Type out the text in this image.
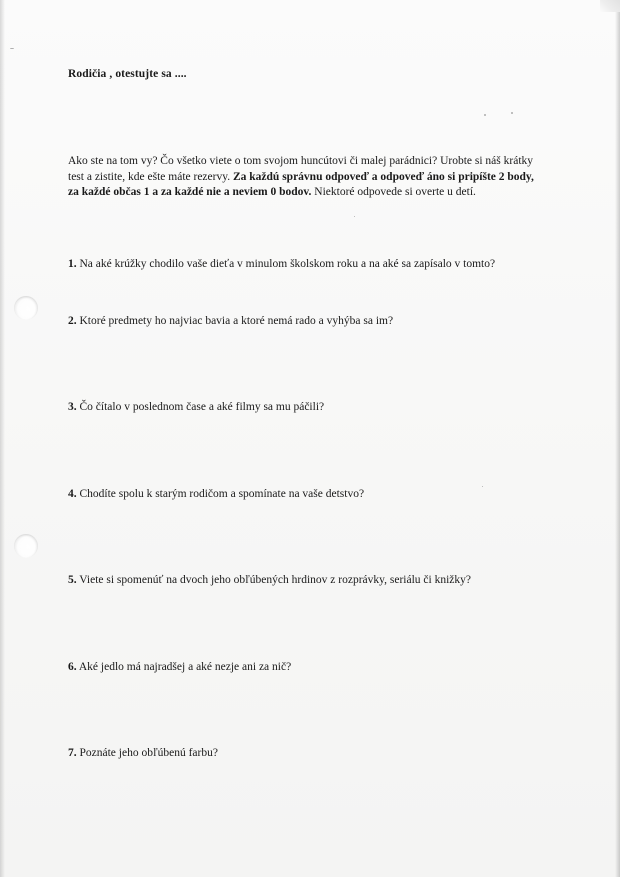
Rodičia , otestujte sa ....

Ako ste na tom vy? Čo všetko viete o tom svojom huncútovi či malej parádnici? Urobte si náš krátky test a zistite, kde ešte máte rezervy. Za každú správnu odpoveď a odpoveď áno si pripíšte 2 body, za každé občas 1 a za každé nie a neviem 0 bodov. Niektoré odpovede si overte u detí.

1. Na aké krúžky chodilo vaše dieťa v minulom školskom roku a na aké sa zapísalo v tomto?

2. Ktoré predmety ho najviac bavia a ktoré nemá rado a vyhýba sa im?

3. Čo čítalo v poslednom čase a aké filmy sa mu páčili?

4. Chodíte spolu k starým rodičom a spomínate na vaše detstvo?

5. Viete si spomenúť na dvoch jeho obľúbených hrdinov z rozprávky, seriálu či knižky?

6. Aké jedlo má najradšej a aké nezje ani za nič?

7. Poznáte jeho obľúbenú farbu?
